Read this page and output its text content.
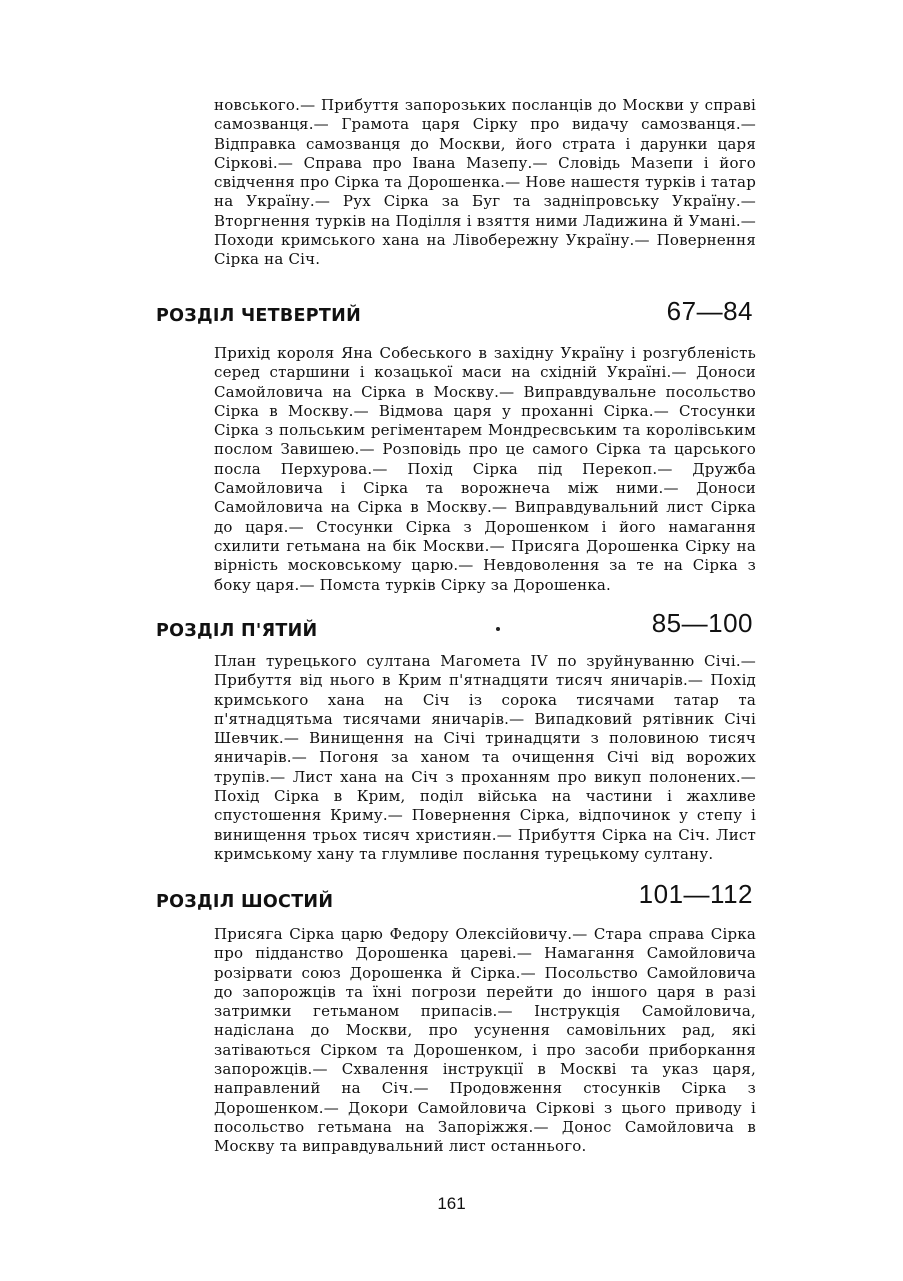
новського.— Прибуття запорозьких посланців до Москви у справі самозванця.— Грамота царя Сірку про видачу самозванця.— Відправка самозванця до Москви, його страта і дарунки царя Сіркові.— Справа про Івана Мазепу.— Словідь Мазепи і його свідчення про Сірка та Дорошенка.— Нове нашестя турків і татар на Україну.— Рух Сірка за Буг та задніпровську Україну.— Вторгнення турків на Поділля і взяття ними Ладижина й Умані.— Походи кримського хана на Лівобережну Україну.— Повернення Сірка на Січ.

РОЗДІЛ ЧЕТВЕРТИЙ	67—84

Прихід короля Яна Собеського в західну Україну і розгубленість серед старшини і козацької маси на східній Україні.— Доноси Самойловича на Сірка в Москву.— Виправдувальне посольство Сірка в Москву.— Відмова царя у проханні Сірка.— Стосунки Сірка з польським регіментарем Мондресвським та королівським послом Завишею.— Розповідь про це самого Сірка та царського посла Перхурова.— Похід Сірка під Перекоп.— Дружба Самойловича і Сірка та ворожнеча між ними.— Доноси Самойловича на Сірка в Москву.— Виправдувальний лист Сірка до царя.— Стосунки Сірка з Дорошенком і його намагання схилити гетьмана на бік Москви.— Присяга Дорошенка Сірку на вірність московському царю.— Невдоволення за те на Сірка з боку царя.— Помста турків Сірку за Дорошенка.

РОЗДІЛ П'ЯТИЙ	85—100

План турецького султана Магомета IV по зруйнуванню Січі.— Прибуття від нього в Крим п'ятнадцяти тисяч яничарів.— Похід кримського хана на Січ із сорока тисячами татар та п'ятнадцятьма тисячами яничарів.— Випадковий рятівник Січі Шевчик.— Винищення на Січі тринадцяти з половиною тисяч яничарів.— Погоня за ханом та очищення Січі від ворожих трупів.— Лист хана на Січ з проханням про викуп полонених.— Похід Сірка в Крим, поділ війська на частини і жахливе спустошення Криму.— Повернення Сірка, відпочинок у степу і винищення трьох тисяч християн.— Прибуття Сірка на Січ. Лист кримському хану та глумливе послання турецькому султану.

РОЗДІЛ ШОСТИЙ	101—112

Присяга Сірка царю Федору Олексійовичу.— Стара справа Сірка про підданство Дорошенка цареві.— Намагання Самойловича розірвати союз Дорошенка й Сірка.— Посольство Самойловича до запорожців та їхні погрози перейти до іншого царя в разі затримки гетьманом припасів.— Інструкція Самойловича, надіслана до Москви, про усунення самовільних рад, які затіваються Сірком та Дорошенком, і про засоби приборкання запорожців.— Схвалення інструкції в Москві та указ царя, направлений на Січ.— Продовження стосунків Сірка з Дорошенком.— Докори Самойловича Сіркові з цього приводу і посольство гетьмана на Запоріжжя.— Донос Самойловича в Москву та виправдувальний лист останнього.

161
